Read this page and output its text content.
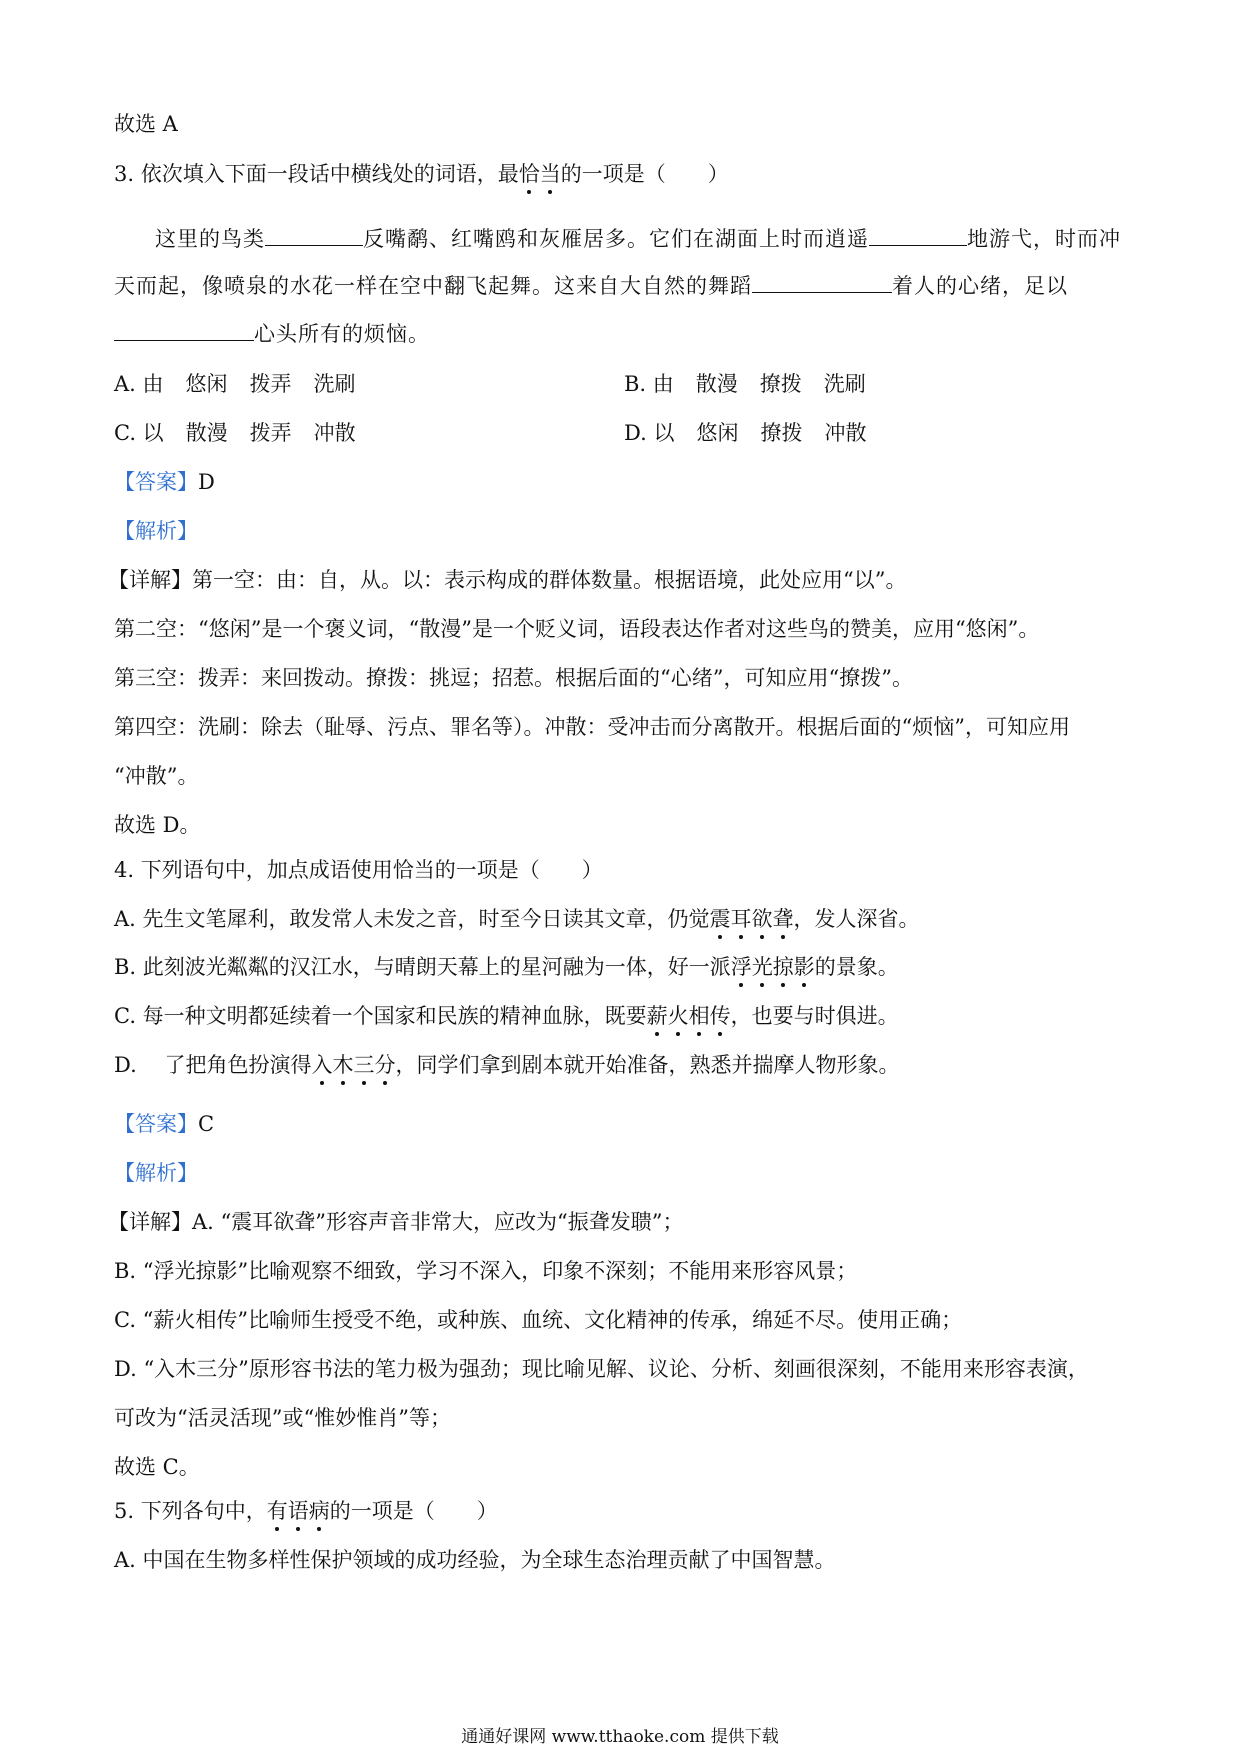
故选 A
3. 依次填入下面一段话中横线处的词语，最恰当的一项是（　　）
这里的鸟类	反嘴鹬、红嘴鸥和灰雁居多。它们在湖面上时而逍遥	地游弋，时而冲
天而起，像喷泉的水花一样在空中翻飞起舞。这来自大自然的舞蹈	着人的心绪，足以
心头所有的烦恼。
A. 由 悠闲 拨弄 洗刷	B. 由 散漫 撩拨 洗刷
C. 以 散漫 拨弄 冲散	D. 以 悠闲 撩拨 冲散
【答案】D
【解析】
【详解】第一空：由：自，从。以：表示构成的群体数量。根据语境，此处应用“以”。
第二空：“悠闲”是一个褒义词，“散漫”是一个贬义词，语段表达作者对这些鸟的赞美，应用“悠闲”。
第三空：拨弄：来回拨动。撩拨：挑逗；招惹。根据后面的“心绪”，可知应用“撩拨”。
第四空：洗刷：除去（耻辱、污点、罪名等）。冲散：受冲击而分离散开。根据后面的“烦恼”，可知应用
“冲散”。
故选 D。
4. 下列语句中，加点成语使用恰当的一项是（　　）
A. 先生文笔犀利，敢发常人未发之音，时至今日读其文章，仍觉震耳欲聋，发人深省。
B. 此刻波光粼粼的汉江水，与晴朗天幕上的星河融为一体，好一派浮光掠影的景象。
C. 每一种文明都延续着一个国家和民族的精神血脉，既要薪火相传，也要与时俱进。
D. 　了把角色扮演得入木三分，同学们拿到剧本就开始准备，熟悉并揣摩人物形象。
【答案】C
【解析】
【详解】A. “震耳欲聋”形容声音非常大，应改为“振聋发聩”；
B. “浮光掠影”比喻观察不细致，学习不深入，印象不深刻；不能用来形容风景；
C. “薪火相传”比喻师生授受不绝，或种族、血统、文化精神的传承，绵延不尽。使用正确；
D. “入木三分”原形容书法的笔力极为强劲；现比喻见解、议论、分析、刻画很深刻，不能用来形容表演，
可改为“活灵活现”或“惟妙惟肖”等；
故选 C。
5. 下列各句中，有语病的一项是（　　）
A. 中国在生物多样性保护领域的成功经验，为全球生态治理贡献了中国智慧。
通通好课网 www.tthaoke.com 提供下载
